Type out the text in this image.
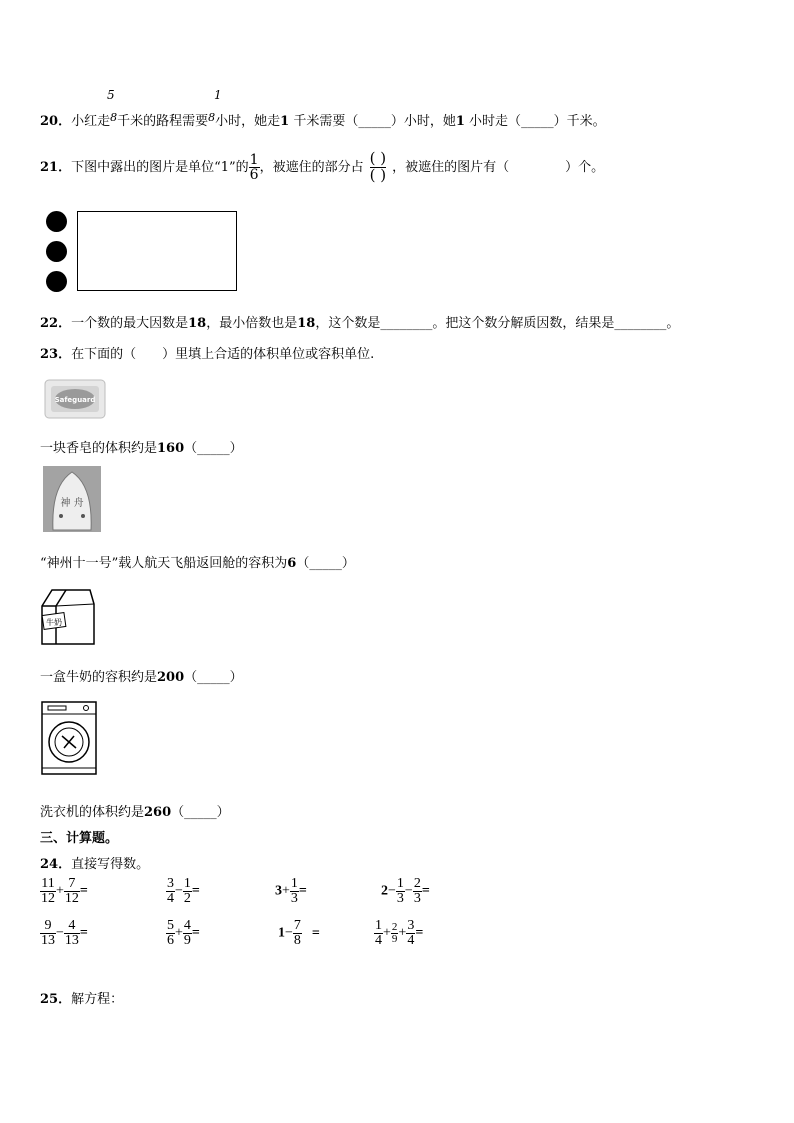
5	1
20．小红走$^8$千米的路程需要$^8$小时，她走1 千米需要（_____）小时，她1 小时走（_____）千米。
21．下图中露出的图片是单位“1”的 $\frac{1}{6}$ ，被遮住的部分占 $\frac{( )}{( )}$ ，被遮住的图片有（	）个。
22．一个数的最大因数是18，最小倍数也是18，这个数是________。把这个数分解质因数，结果是________。
23．在下面的（　　）里填上合适的体积单位或容积单位.
Safeguard
一块香皂的体积约是160（_____）
神 舟
“神州十一号”载人航天飞船返回舱的容积为6（_____）
牛奶
一盒牛奶的容积约是200（_____）
洗衣机的体积约是260（_____）
三、计算题。
24．直接写得数。
$\frac{11}{12} + \frac{7}{12}$ =	$\frac{3}{4} - \frac{1}{2}$ =	$3+ \frac{1}{3}$ =	$2- \frac{1}{3} - \frac{2}{3}$ =
$\frac{9}{13} - \frac{4}{13}$ =	$\frac{5}{6} + \frac{4}{9}$ =	$1- \frac{7}{8}$ =	$\frac{1}{4} + \frac{2}{9} + \frac{3}{4}$ =
25．解方程：
